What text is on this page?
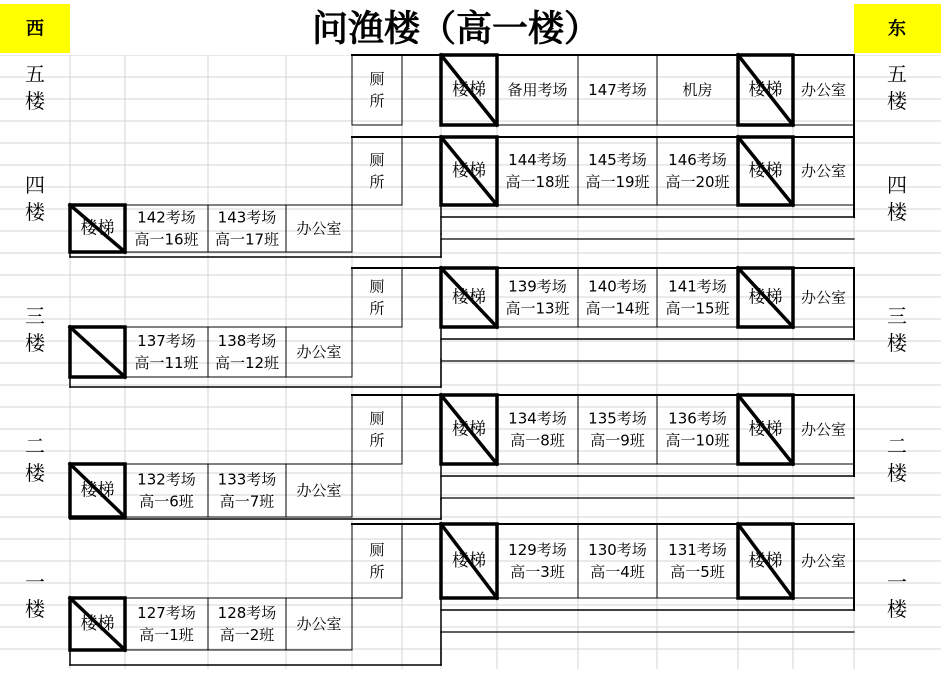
西	东
问渔楼（高一楼）
五楼
五楼
厕
所
楼梯 备用考场 147考场 机房 楼梯 办公室
四楼
四楼
厕
所
楼梯
144考场
高一18班
145考场
高一19班
146考场
高一20班
楼梯 办公室
楼梯
142考场
高一16班
143考场
高一17班
办公室
三楼
三楼
厕
所
楼梯
139考场
高一13班
140考场
高一14班
141考场
高一15班
楼梯 办公室
137考场
高一11班
138考场
高一12班
办公室
二楼
二楼
厕
所
楼梯
134考场
高一8班
135考场
高一9班
136考场
高一10班
楼梯 办公室
楼梯
132考场
高一6班
133考场
高一7班
办公室
一楼
一楼
厕
所
楼梯
129考场
高一3班
130考场
高一4班
131考场
高一5班
楼梯 办公室
楼梯
127考场
高一1班
128考场
高一2班
办公室
